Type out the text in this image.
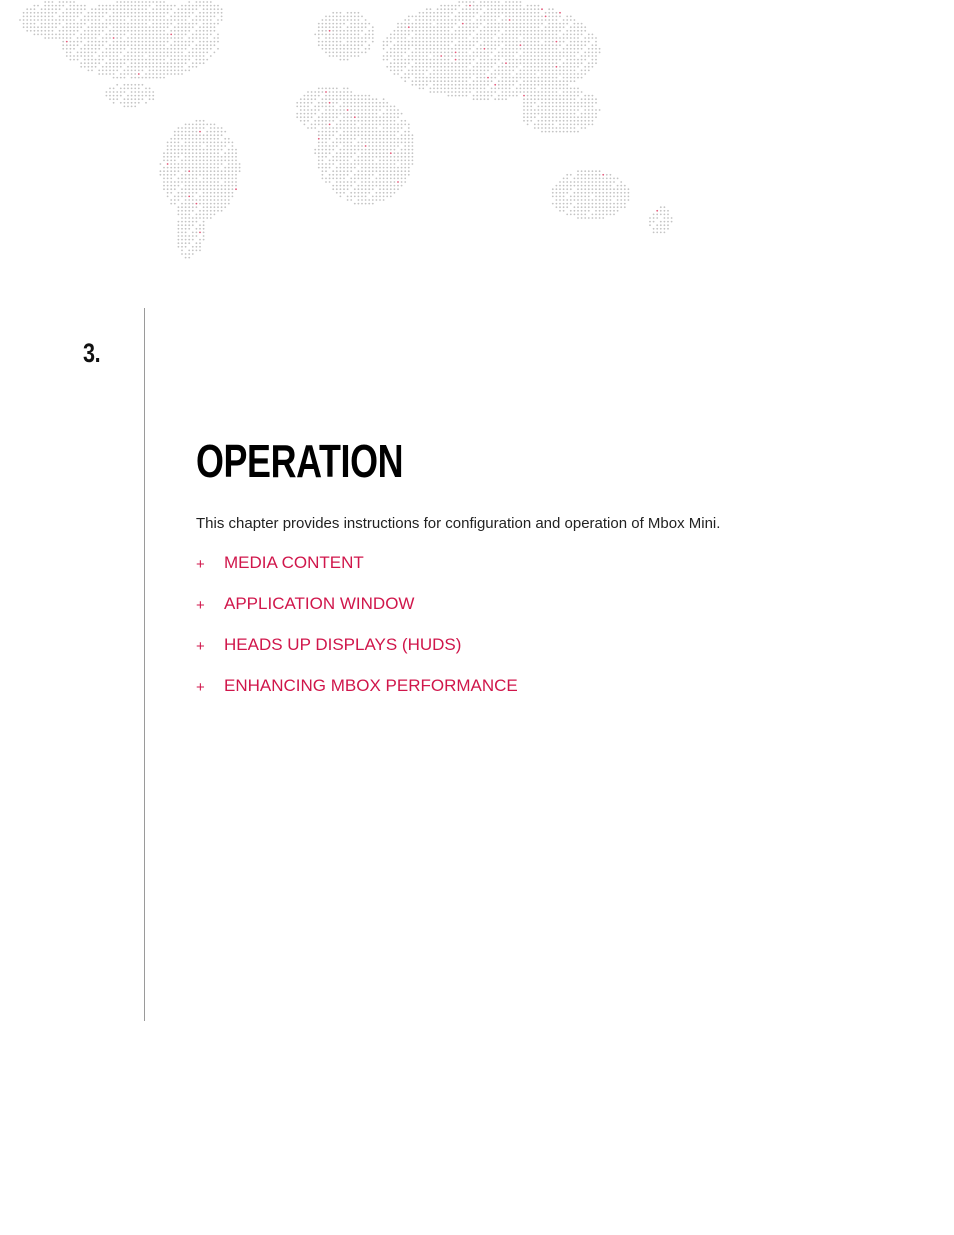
3.
OPERATION

This chapter provides instructions for configuration and operation of Mbox Mini.

+	MEDIA CONTENT
+	APPLICATION WINDOW
+	HEADS UP DISPLAYS (HUDS)
+	ENHANCING MBOX PERFORMANCE
